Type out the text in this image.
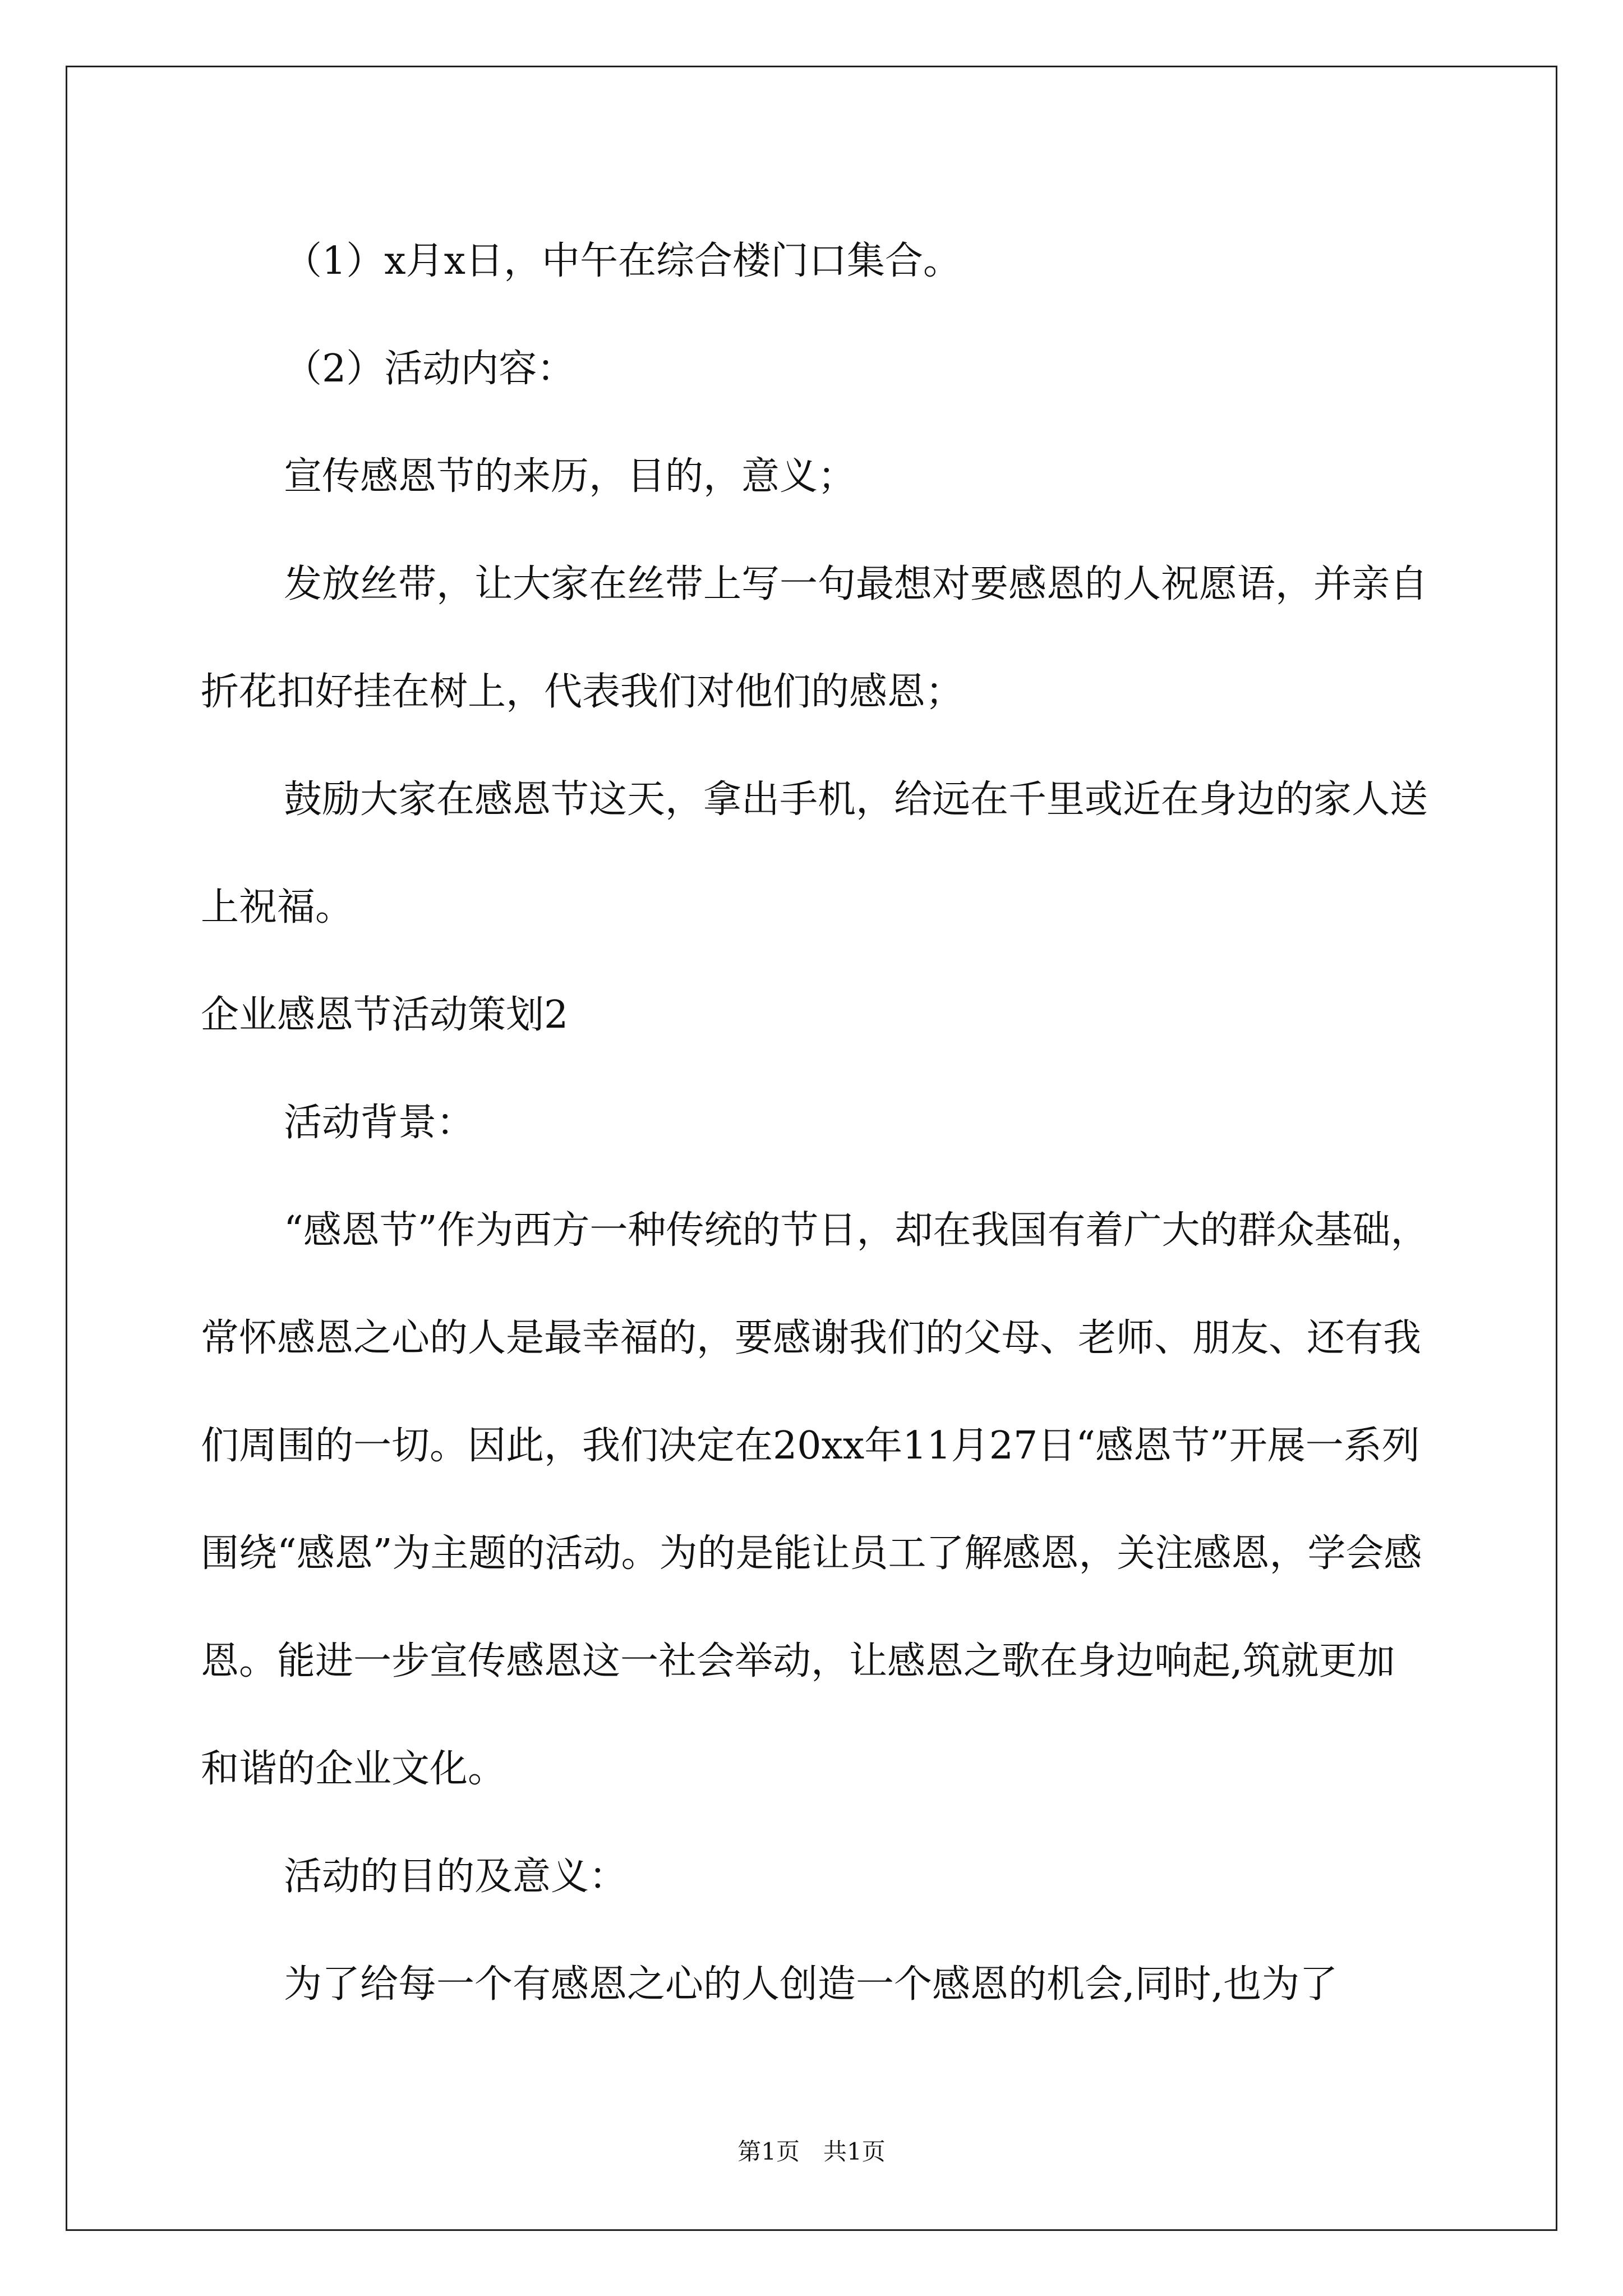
（1）x月x日，中午在综合楼门口集合。

（2）活动内容：

宣传感恩节的来历，目的，意义；

发放丝带，让大家在丝带上写一句最想对要感恩的人祝愿语，并亲自折花扣好挂在树上，代表我们对他们的感恩；

鼓励大家在感恩节这天，拿出手机，给远在千里或近在身边的家人送上祝福。

企业感恩节活动策划2

活动背景：

“感恩节”作为西方一种传统的节日，却在我国有着广大的群众基础，常怀感恩之心的人是最幸福的，要感谢我们的父母、老师、朋友、还有我们周围的一切。因此，我们决定在20xx年11月27日“感恩节”开展一系列围绕“感恩”为主题的活动。为的是能让员工了解感恩，关注感恩，学会感恩。能进一步宣传感恩这一社会举动，让感恩之歌在身边响起,筑就更加和谐的企业文化。

活动的目的及意义：

为了给每一个有感恩之心的人创造一个感恩的机会,同时,也为了

第1页　共1页
